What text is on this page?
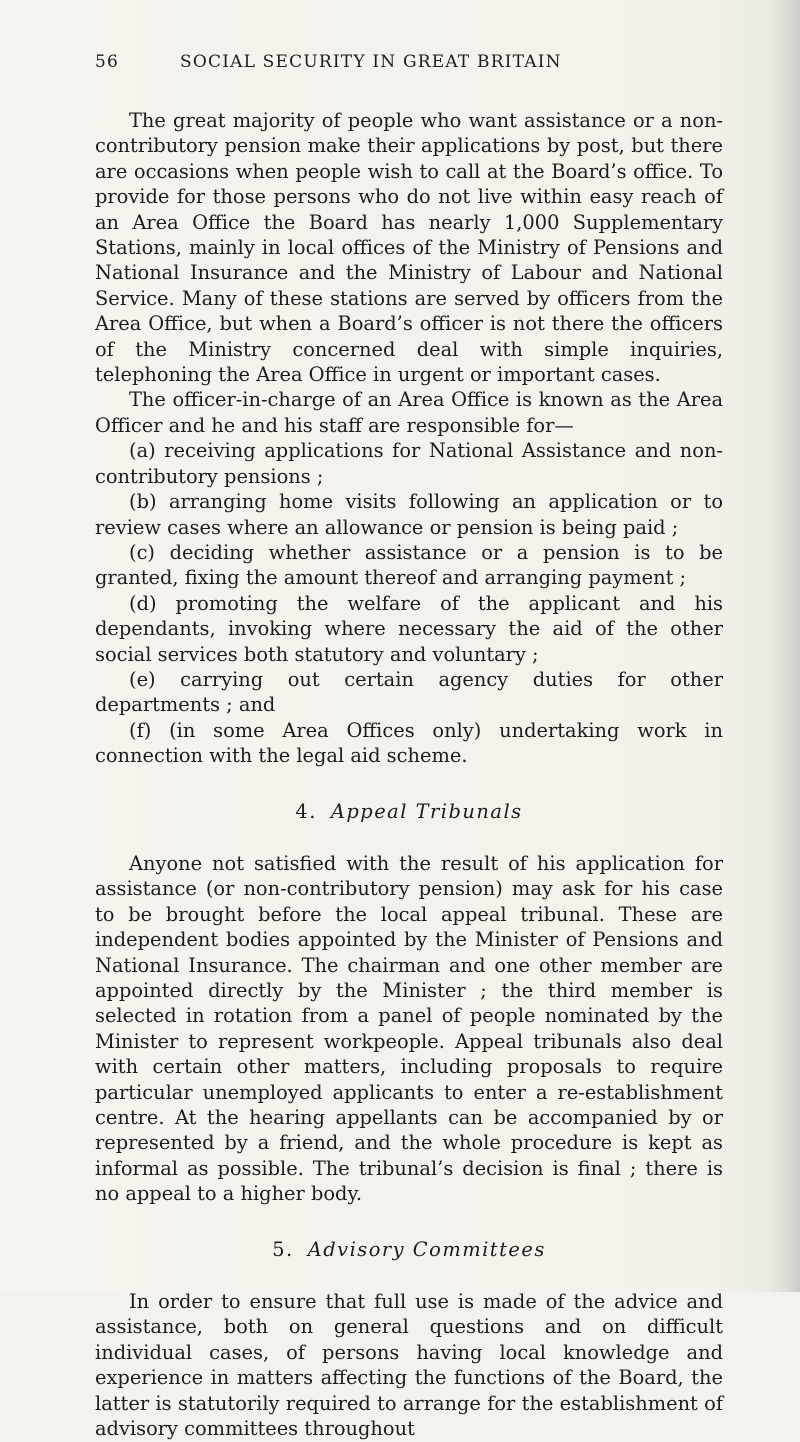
56	SOCIAL SECURITY IN GREAT BRITAIN

The great majority of people who want assistance or a non-contributory pension make their applications by post, but there are occasions when people wish to call at the Board’s office. To provide for those persons who do not live within easy reach of an Area Office the Board has nearly 1,000 Supplementary Stations, mainly in local offices of the Ministry of Pensions and National Insurance and the Ministry of Labour and National Service. Many of these stations are served by officers from the Area Office, but when a Board’s officer is not there the officers of the Ministry concerned deal with simple inquiries, telephoning the Area Office in urgent or important cases.

The officer-in-charge of an Area Office is known as the Area Officer and he and his staff are responsible for—

(a) receiving applications for National Assistance and non-contributory pensions ;

(b) arranging home visits following an application or to review cases where an allowance or pension is being paid ;

(c) deciding whether assistance or a pension is to be granted, fixing the amount thereof and arranging payment ;

(d) promoting the welfare of the applicant and his dependants, invoking where necessary the aid of the other social services both statutory and voluntary ;

(e) carrying out certain agency duties for other departments ; and

(f) (in some Area Offices only) undertaking work in connection with the legal aid scheme.

4. Appeal Tribunals

Anyone not satisfied with the result of his application for assistance (or non-contributory pension) may ask for his case to be brought before the local appeal tribunal. These are independent bodies appointed by the Minister of Pensions and National Insurance. The chairman and one other member are appointed directly by the Minister ; the third member is selected in rotation from a panel of people nominated by the Minister to represent workpeople. Appeal tribunals also deal with certain other matters, including proposals to require particular unemployed applicants to enter a re-establishment centre. At the hearing appellants can be accompanied by or represented by a friend, and the whole procedure is kept as informal as possible. The tribunal’s decision is final ; there is no appeal to a higher body.

5. Advisory Committees

In order to ensure that full use is made of the advice and assistance, both on general questions and on difficult individual cases, of persons having local knowledge and experience in matters affecting the functions of the Board, the latter is statutorily required to arrange for the establishment of advisory committees throughout
